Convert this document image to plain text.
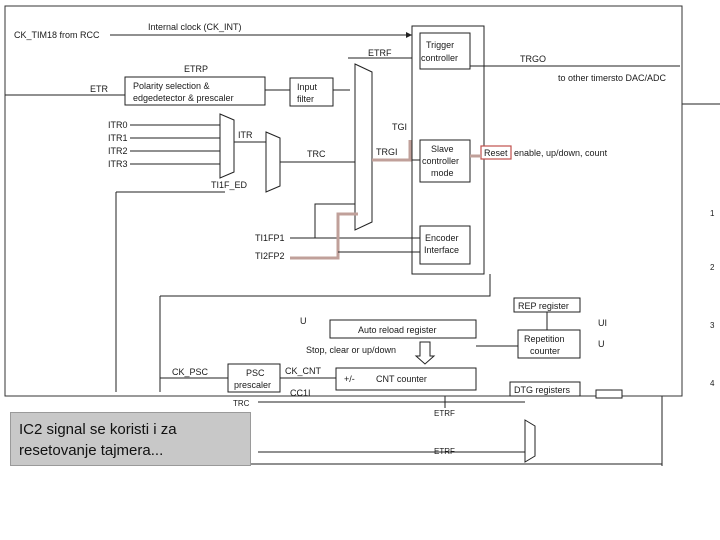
1
2
3
4
ETRF
ETRF
TRC
CK_TIM18 from RCC
Internal clock (CK_INT)
Trigger
controller
Slave
controller
mode
Encoder
Interface
TRGO
to other timersto DAC/ADC
Reset enable, up/down, count
ETR	Polarity selection &
edgedetector & prescaler
ETRP
Input
filter
ETRF
TRGI
TGI
TRC
ITR0
ITR1
ITR2
ITR3
ITR
TI1F_ED
TI1FP1
TI2FP2
REP register
U	UI
U
Auto reload register
Repetition
counter
Stop, clear or up/down
CK_PSC	PSC
prescaler
CK_CNT
+/- CNT counter
CC1I	DTG registers
IC2 signal se koristi i za resetovanje tajmera...
